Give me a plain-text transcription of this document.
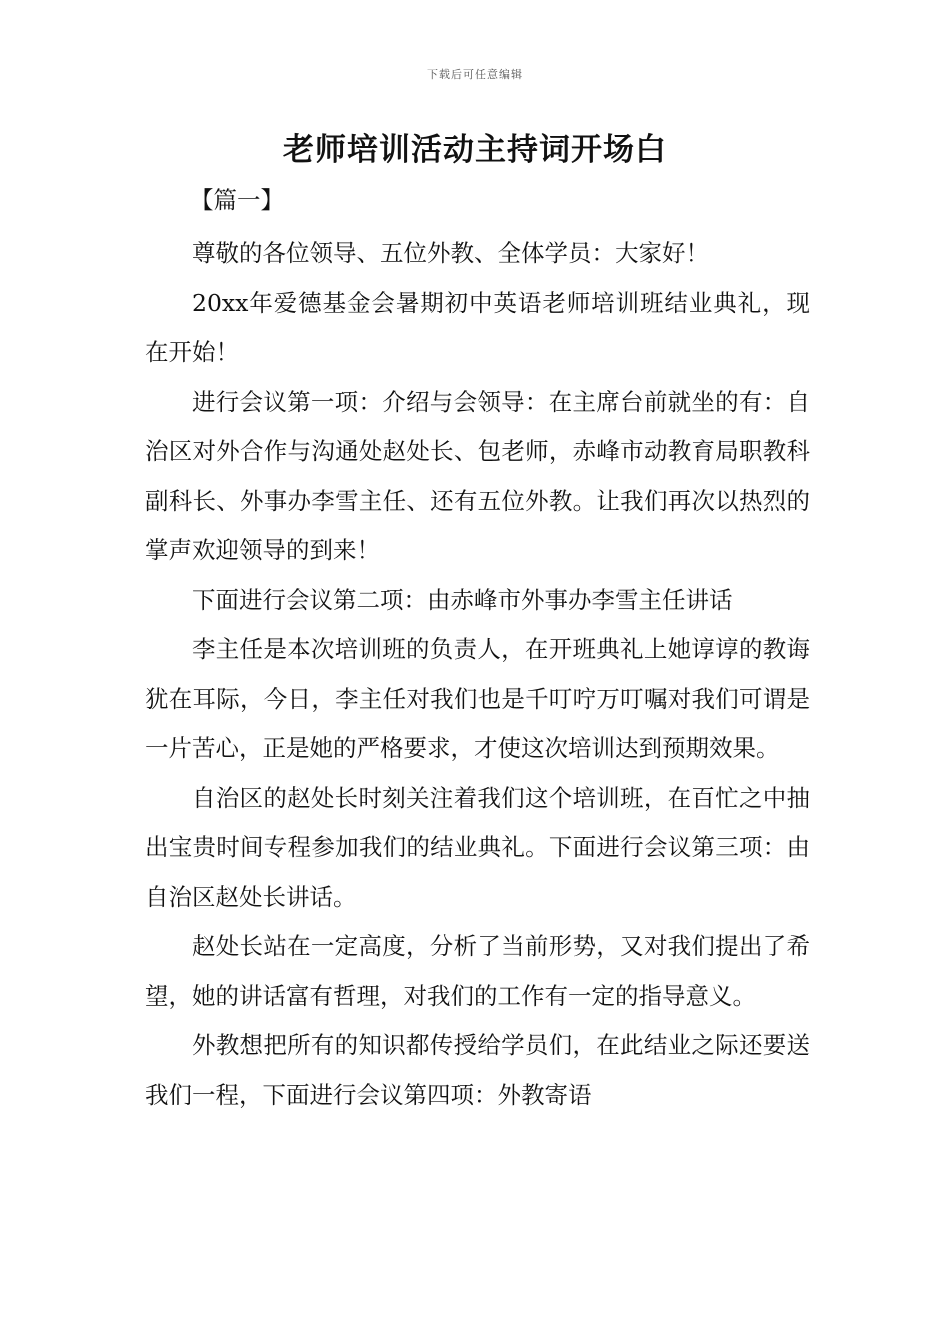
下载后可任意编辑
老师培训活动主持词开场白

【篇一】

尊敬的各位领导、五位外教、全体学员：大家好！

20xx年爱德基金会暑期初中英语老师培训班结业典礼，现在开始！

进行会议第一项：介绍与会领导：在主席台前就坐的有：自治区对外合作与沟通处赵处长、包老师，赤峰市动教育局职教科副科长、外事办李雪主任、还有五位外教。让我们再次以热烈的掌声欢迎领导的到来！

下面进行会议第二项：由赤峰市外事办李雪主任讲话

李主任是本次培训班的负责人，在开班典礼上她谆谆的教诲犹在耳际，今日，李主任对我们也是千叮咛万叮嘱对我们可谓是一片苦心，正是她的严格要求，才使这次培训达到预期效果。

自治区的赵处长时刻关注着我们这个培训班，在百忙之中抽出宝贵时间专程参加我们的结业典礼。下面进行会议第三项：由自治区赵处长讲话。

赵处长站在一定高度，分析了当前形势，又对我们提出了希望，她的讲话富有哲理，对我们的工作有一定的指导意义。

外教想把所有的知识都传授给学员们，在此结业之际还要送我们一程，下面进行会议第四项：外教寄语
